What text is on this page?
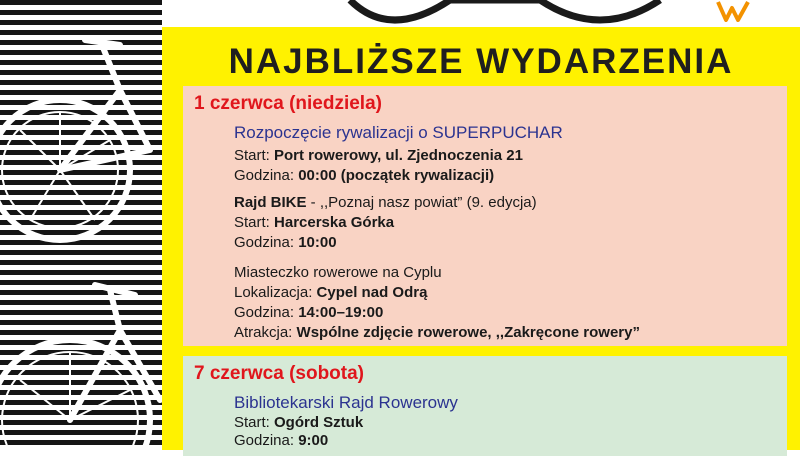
NAJBLIŻSZE WYDARZENIA
1 czerwca (niedziela)
Rozpoczęcie rywalizacji o SUPERPUCHAR
Start: Port rowerowy, ul. Zjednoczenia 21
Godzina: 00:00 (początek rywalizacji)
Rajd BIKE - ,,Poznaj nasz powiat” (9. edycja)
Start: Harcerska Górka
Godzina: 10:00
Miasteczko rowerowe na Cyplu
Lokalizacja: Cypel nad Odrą
Godzina: 14:00–19:00
Atrakcja: Wspólne zdjęcie rowerowe, ,,Zakręcone rowery”
7 czerwca (sobota)
Bibliotekarski Rajd Rowerowy
Start: Ogórd Sztuk
Godzina: 9:00
